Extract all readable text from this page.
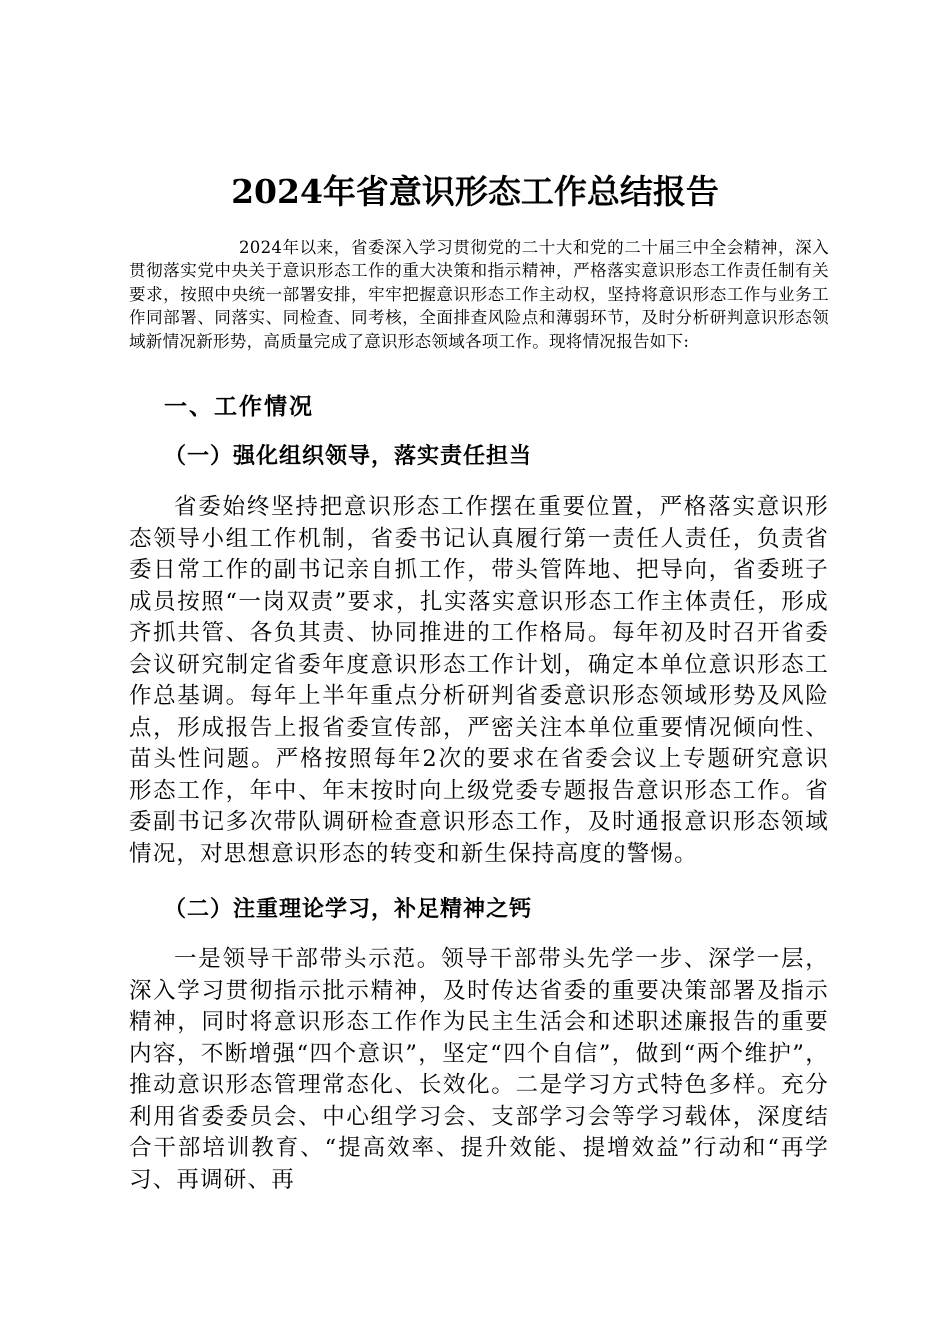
2024年省意识形态工作总结报告

2024年以来，省委深入学习贯彻党的二十大和党的二十届三中全会精神，深入贯彻落实党中央关于意识形态工作的重大决策和指示精神，严格落实意识形态工作责任制有关要求，按照中央统一部署安排，牢牢把握意识形态工作主动权，坚持将意识形态工作与业务工作同部署、同落实、同检查、同考核，全面排查风险点和薄弱环节，及时分析研判意识形态领域新情况新形势，高质量完成了意识形态领域各项工作。现将情况报告如下:

一、工作情况
（一）强化组织领导，落实责任担当

省委始终坚持把意识形态工作摆在重要位置，严格落实意识形态领导小组工作机制，省委书记认真履行第一责任人责任，负责省委日常工作的副书记亲自抓工作，带头管阵地、把导向，省委班子成员按照“一岗双责”要求，扎实落实意识形态工作主体责任，形成齐抓共管、各负其责、协同推进的工作格局。每年初及时召开省委会议研究制定省委年度意识形态工作计划，确定本单位意识形态工作总基调。每年上半年重点分析研判省委意识形态领域形势及风险点，形成报告上报省委宣传部，严密关注本单位重要情况倾向性、苗头性问题。严格按照每年2次的要求在省委会议上专题研究意识形态工作，年中、年末按时向上级党委专题报告意识形态工作。省委副书记多次带队调研检查意识形态工作，及时通报意识形态领域情况，对思想意识形态的转变和新生保持高度的警惕。

（二）注重理论学习，补足精神之钙

一是领导干部带头示范。领导干部带头先学一步、深学一层，深入学习贯彻指示批示精神，及时传达省委的重要决策部署及指示精神，同时将意识形态工作作为民主生活会和述职述廉报告的重要内容，不断增强“四个意识”，坚定“四个自信”，做到“两个维护”，推动意识形态管理常态化、长效化。二是学习方式特色多样。充分利用省委委员会、中心组学习会、支部学习会等学习载体，深度结合干部培训教育、“提高效率、提升效能、提增效益”行动和“再学习、再调研、再
